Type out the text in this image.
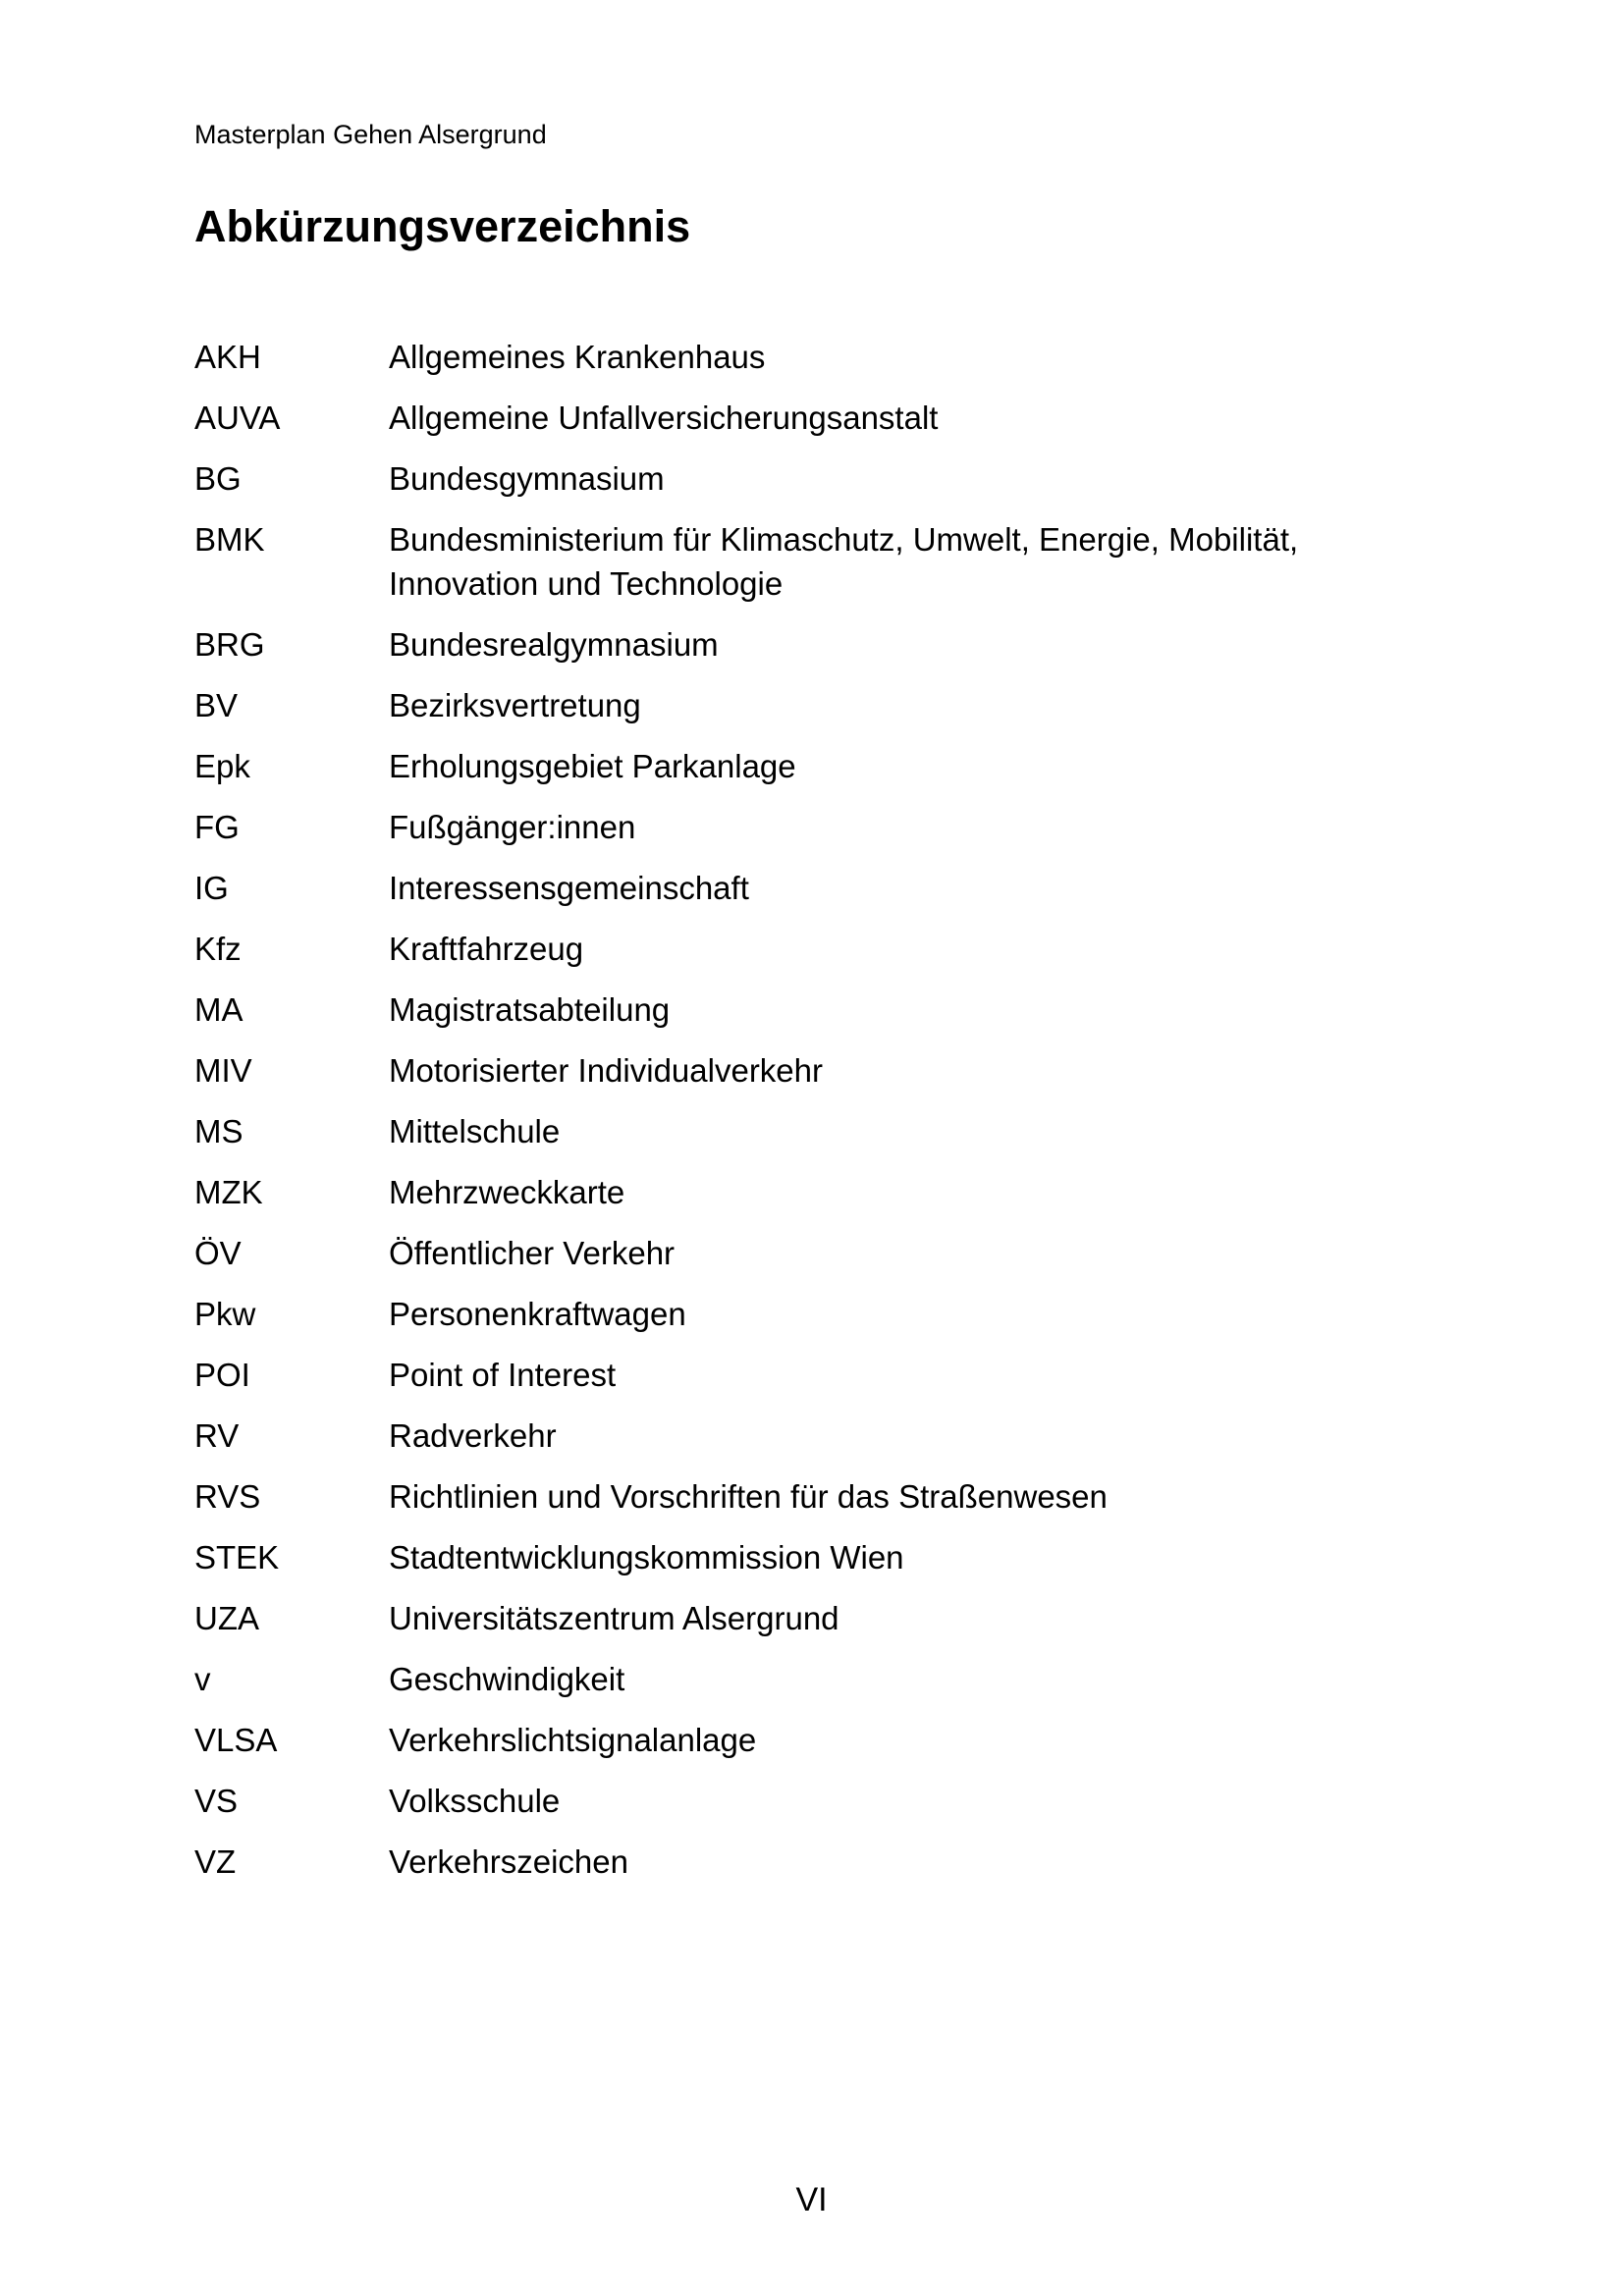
Masterplan Gehen Alsergrund
Abkürzungsverzeichnis
AKH	Allgemeines Krankenhaus
AUVA	Allgemeine Unfallversicherungsanstalt
BG	Bundesgymnasium
BMK	Bundesministerium für Klimaschutz, Umwelt, Energie, Mobilität, Innovation und Technologie
BRG	Bundesrealgymnasium
BV	Bezirksvertretung
Epk	Erholungsgebiet Parkanlage
FG	Fußgänger:innen
IG	Interessensgemeinschaft
Kfz	Kraftfahrzeug
MA	Magistratsabteilung
MIV	Motorisierter Individualverkehr
MS	Mittelschule
MZK	Mehrzweckkarte
ÖV	Öffentlicher Verkehr
Pkw	Personenkraftwagen
POI	Point of Interest
RV	Radverkehr
RVS	Richtlinien und Vorschriften für das Straßenwesen
STEK	Stadtentwicklungskommission Wien
UZA	Universitätszentrum Alsergrund
v	Geschwindigkeit
VLSA	Verkehrslichtsignalanlage
VS	Volksschule
VZ	Verkehrszeichen
VI
